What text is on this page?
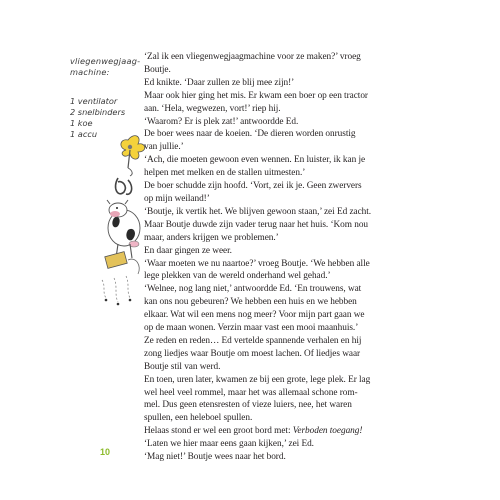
vliegenwegjaag-
machine:
1 ventilator
2 snelbinders
1 koe
1 accu

‘Zal ik een vliegenwegjaagmachine voor ze maken?’ vroeg

Boutje.

Ed knikte. ‘Daar zullen ze blij mee zijn!’

Maar ook hier ging het mis. Er kwam een boer op een tractor

aan. ‘Hela, wegwezen, vort!’ riep hij.

‘Waarom? Er is plek zat!’ antwoordde Ed.

De boer wees naar de koeien. ‘De dieren worden onrustig

van jullie.’

‘Ach, die moeten gewoon even wennen. En luister, ik kan je

helpen met melken en de stallen uitmesten.’

De boer schudde zijn hoofd. ‘Vort, zei ik je. Geen zwervers

op mijn weiland!’

‘Boutje, ik vertik het. We blijven gewoon staan,’ zei Ed zacht.

Maar Boutje duwde zijn vader terug naar het huis. ‘Kom nou

maar, anders krijgen we problemen.’

En daar gingen ze weer.

‘Waar moeten we nu naartoe?’ vroeg Boutje. ‘We hebben alle

lege plekken van de wereld onderhand wel gehad.’

‘Welnee, nog lang niet,’ antwoordde Ed. ‘En trouwens, wat

kan ons nou gebeuren? We hebben een huis en we hebben

elkaar. Wat wil een mens nog meer? Voor mijn part gaan we

op de maan wonen. Verzin maar vast een mooi maanhuis.’

Ze reden en reden… Ed vertelde spannende verhalen en hij

zong liedjes waar Boutje om moest lachen. Of liedjes waar

Boutje stil van werd.

En toen, uren later, kwamen ze bij een grote, lege plek. Er lag

wel heel veel rommel, maar het was allemaal schone rom-

mel. Dus geen etensresten of vieze luiers, nee, het waren

spullen, een heleboel spullen.

Helaas stond er wel een groot bord met: Verboden toegang!

‘Laten we hier maar eens gaan kijken,’ zei Ed.

‘Mag niet!’ Boutje wees naar het bord.

10
